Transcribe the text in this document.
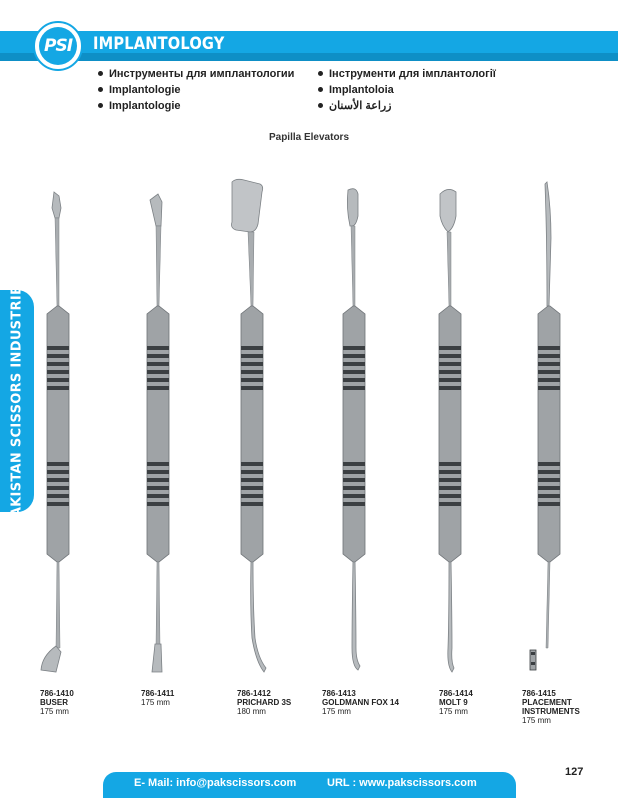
PSI IMPLANTOLOGY
Инструменты для имплантологии
Implantologie
Implantologie
Інструменти для імплантології
Implantoloia
زراعة الأسنان
Papilla Elevators
PAKISTAN SCISSORS INDUSTRIES
786-1410
BUSER
175 mm
786-1411
175 mm
786-1412
PRICHARD 3S
180 mm
786-1413
GOLDMANN FOX 14
175 mm
786-1414
MOLT 9
175 mm
786-1415
PLACEMENT
INSTRUMENTS
175 mm
127
E- Mail: info@pakscissors.com	URL : www.pakscissors.com
